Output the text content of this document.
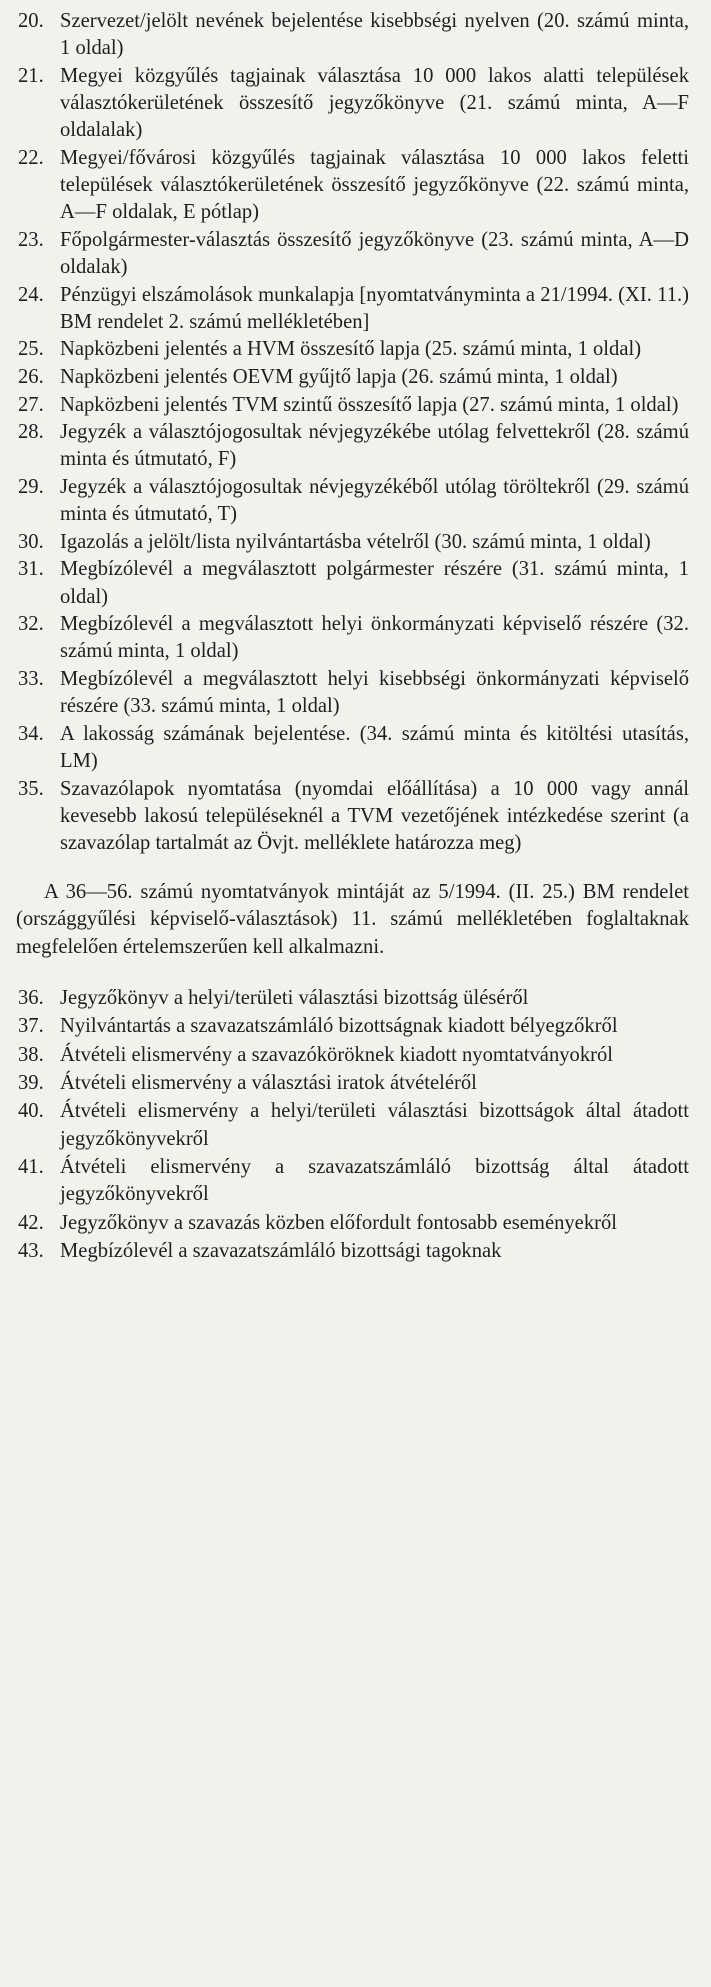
20. Szervezet/jelölt nevének bejelentése kisebbségi nyelven (20. számú minta, 1 oldal)
21. Megyei közgyűlés tagjainak választása 10 000 lakos alatti települések választókerületének összesítő jegyzőkönyve (21. számú minta, A—F oldalalak)
22. Megyei/fővárosi közgyűlés tagjainak választása 10 000 lakos feletti települések választókerületének összesítő jegyzőkönyve (22. számú minta, A—F oldalak, E pótlap)
23. Főpolgármester-választás összesítő jegyzőkönyve (23. számú minta, A—D oldalak)
24. Pénzügyi elszámolások munkalapja [nyomtatványminta a 21/1994. (XI. 11.) BM rendelet 2. számú mellékletében]
25. Napközbeni jelentés a HVM összesítő lapja (25. számú minta, 1 oldal)
26. Napközbeni jelentés OEVM gyűjtő lapja (26. számú minta, 1 oldal)
27. Napközbeni jelentés TVM szintű összesítő lapja (27. számú minta, 1 oldal)
28. Jegyzék a választójogosultak névjegyzékébe utólag felvettekről (28. számú minta és útmutató, F)
29. Jegyzék a választójogosultak névjegyzékéből utólag töröltekről (29. számú minta és útmutató, T)
30. Igazolás a jelölt/lista nyilvántartásba vételről (30. számú minta, 1 oldal)
31. Megbízólevél a megválasztott polgármester részére (31. számú minta, 1 oldal)
32. Megbízólevél a megválasztott helyi önkormányzati képviselő részére (32. számú minta, 1 oldal)
33. Megbízólevél a megválasztott helyi kisebbségi önkormányzati képviselő részére (33. számú minta, 1 oldal)
34. A lakosság számának bejelentése. (34. számú minta és kitöltési utasítás, LM)
35. Szavazólapok nyomtatása (nyomdai előállítása) a 10 000 vagy annál kevesebb lakosú településeknél a TVM vezetőjének intézkedése szerint (a szavazólap tartalmát az Övjt. melléklete határozza meg)

A 36—56. számú nyomtatványok mintáját az 5/1994. (II. 25.) BM rendelet (országgyűlési képviselő-választások) 11. számú mellékletében foglaltaknak megfelelően értelemszerűen kell alkalmazni.

36. Jegyzőkönyv a helyi/területi választási bizottság üléséről
37. Nyilvántartás a szavazatszámláló bizottságnak kiadott bélyegzőkről
38. Átvételi elismervény a szavazóköröknek kiadott nyomtatványokról
39. Átvételi elismervény a választási iratok átvételéről
40. Átvételi elismervény a helyi/területi választási bizottságok által átadott jegyzőkönyvekről
41. Átvételi elismervény a szavazatszámláló bizottság által átadott jegyzőkönyvekről
42. Jegyzőkönyv a szavazás közben előfordult fontosabb eseményekről
43. Megbízólevél a szavazatszámláló bizottsági tagoknak
